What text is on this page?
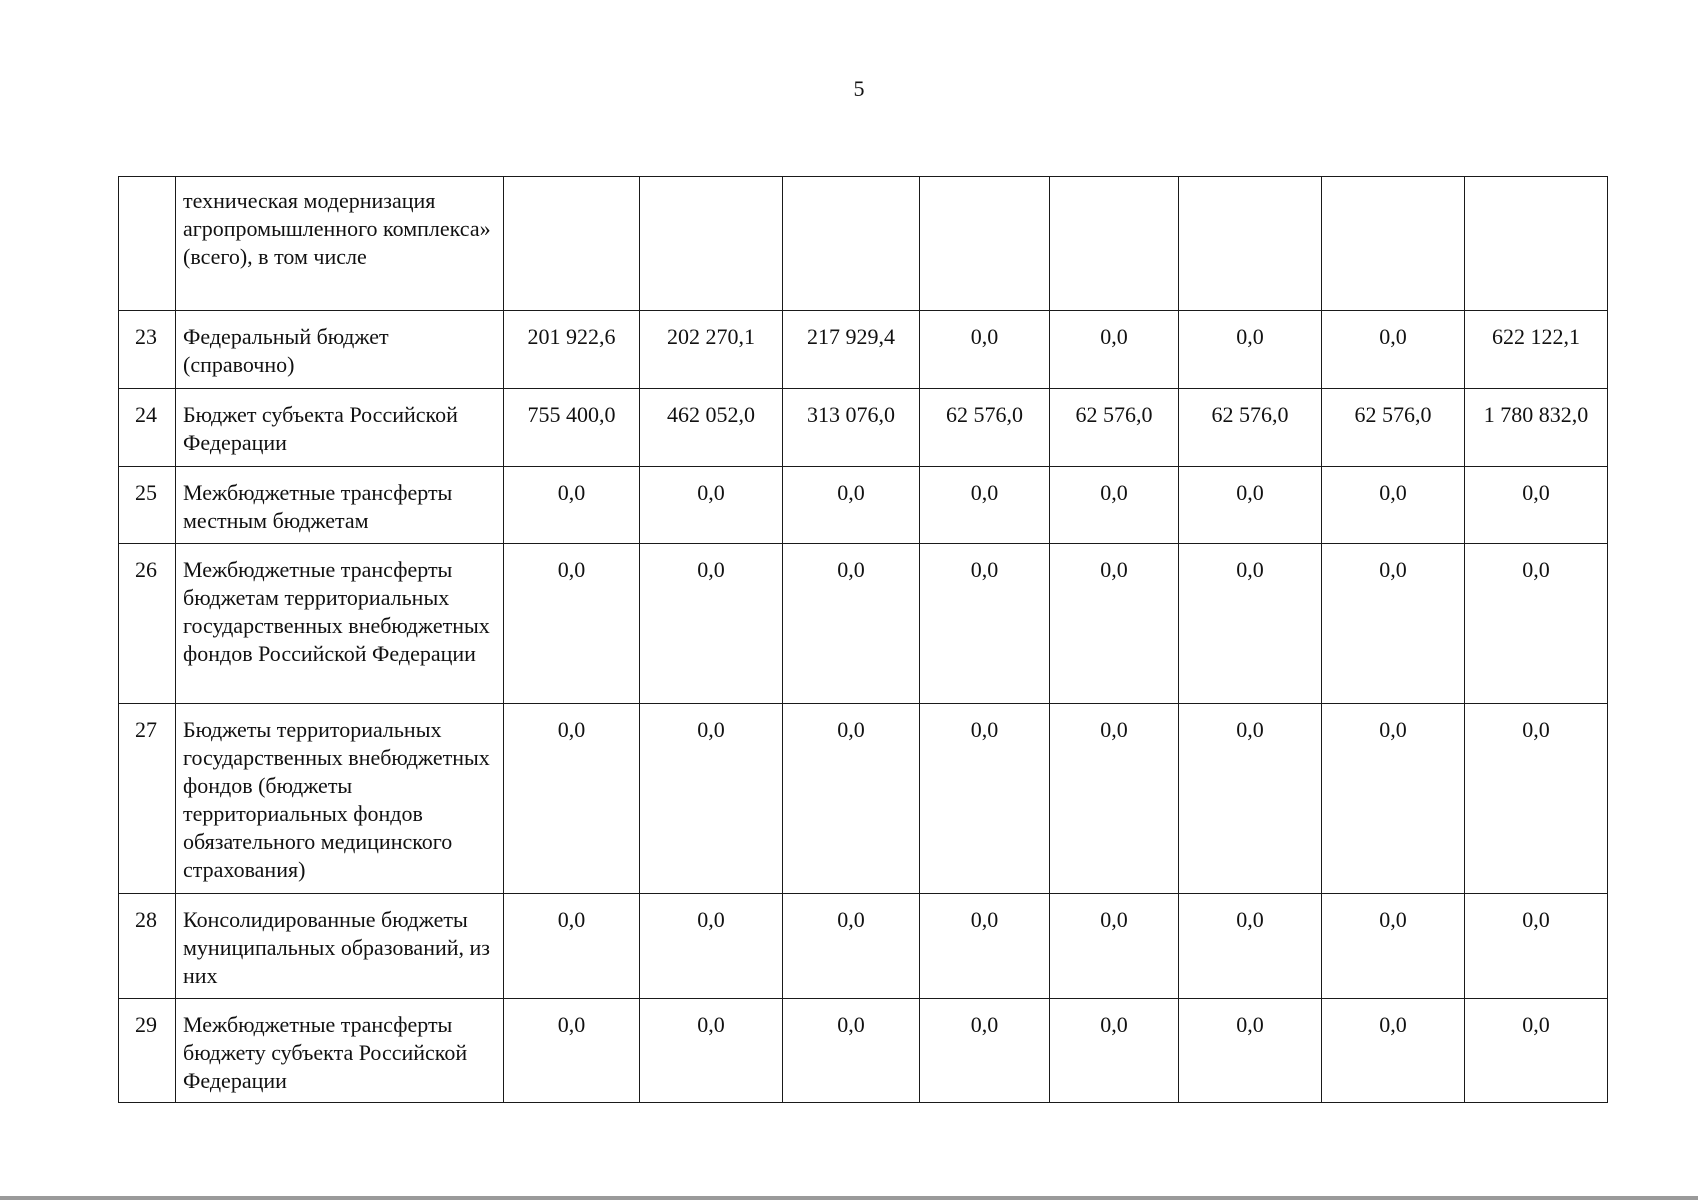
5
	техническая модернизация агропромышленного комплекса» (всего), в том числе								
23	Федеральный бюджет (справочно)	201 922,6	202 270,1	217 929,4	0,0	0,0	0,0	0,0	622 122,1
24	Бюджет субъекта Российской Федерации	755 400,0	462 052,0	313 076,0	62 576,0	62 576,0	62 576,0	62 576,0	1 780 832,0
25	Межбюджетные трансферты местным бюджетам	0,0	0,0	0,0	0,0	0,0	0,0	0,0	0,0
26	Межбюджетные трансферты бюджетам территориальных государственных внебюджетных фондов Российской Федерации	0,0	0,0	0,0	0,0	0,0	0,0	0,0	0,0
27	Бюджеты территориальных государственных внебюджетных фондов (бюджеты территориальных фондов обязательного медицинского страхования)	0,0	0,0	0,0	0,0	0,0	0,0	0,0	0,0
28	Консолидированные бюджеты муниципальных образований, из них	0,0	0,0	0,0	0,0	0,0	0,0	0,0	0,0
29	Межбюджетные трансферты бюджету субъекта Российской Федерации	0,0	0,0	0,0	0,0	0,0	0,0	0,0	0,0
